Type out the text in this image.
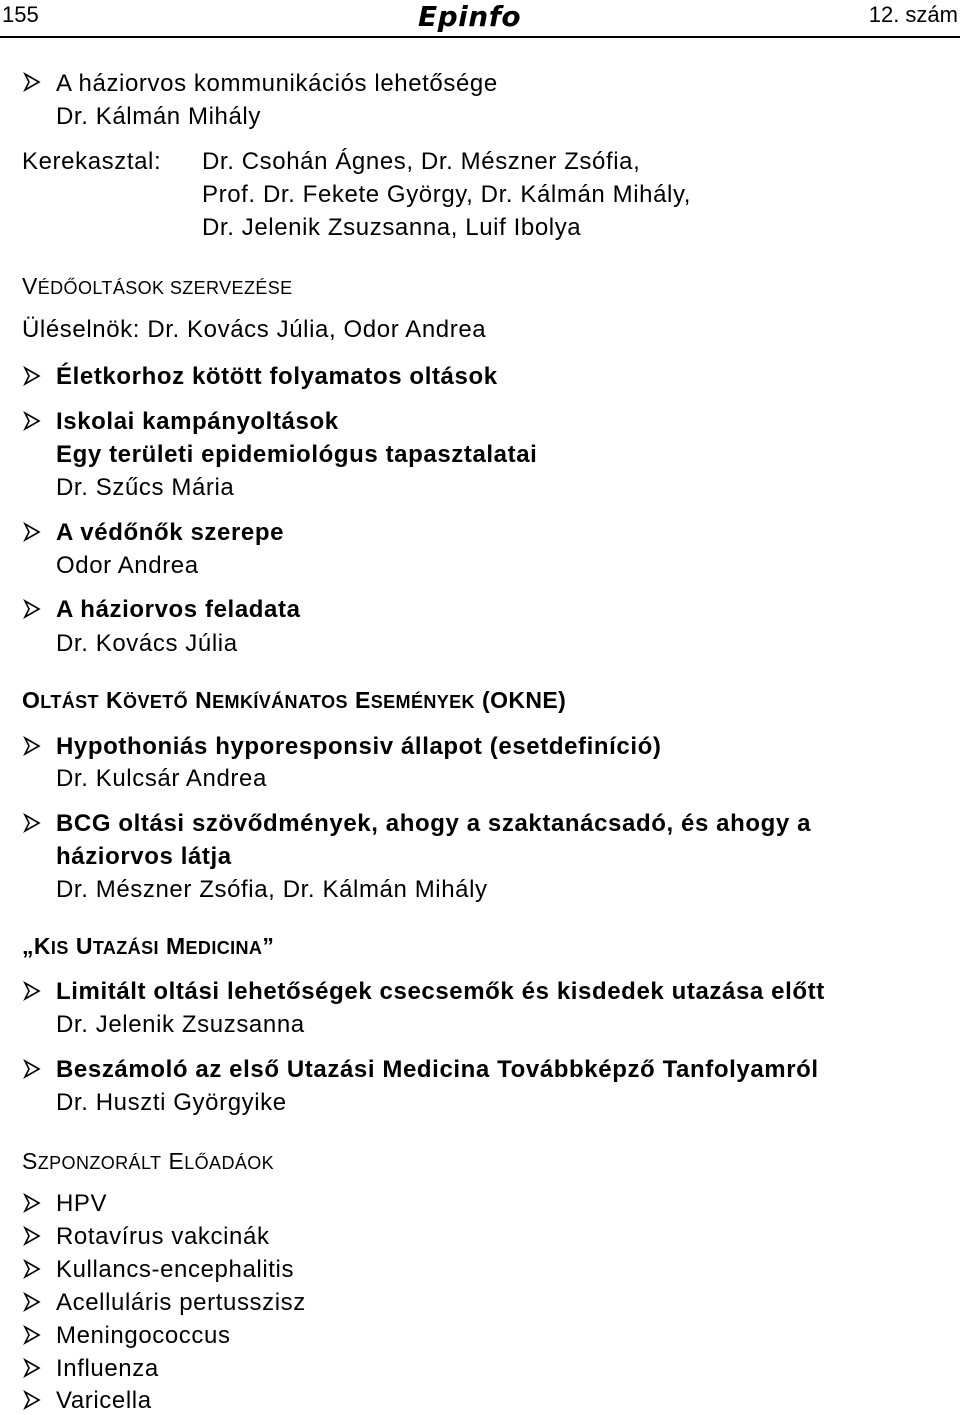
155	Epinfo	12. szám
A háziorvos kommunikációs lehetősége
Dr. Kálmán Mihály
Kerekasztal: Dr. Csohán Ágnes, Dr. Mészner Zsófia,
Prof. Dr. Fekete György, Dr. Kálmán Mihály,
Dr. Jelenik Zsuzsanna, Luif Ibolya
VÉDŐOLTÁSOK SZERVEZÉSE
Üléselnök: Dr. Kovács Júlia, Odor Andrea
Életkorhoz kötött folyamatos oltások
Iskolai kampányoltások
Egy területi epidemiológus tapasztalatai
Dr. Szűcs Mária
A védőnők szerepe
Odor Andrea
A háziorvos feladata
Dr. Kovács Júlia
OLTÁST KÖVETŐ NEMKÍVÁNATOS ESEMÉNYEK (OKNE)
Hypothoniás hyporesponsiv állapot (esetdefiníció)
Dr. Kulcsár Andrea
BCG oltási szövődmények, ahogy a szaktanácsadó, és ahogy a
háziorvos látja
Dr. Mészner Zsófia, Dr. Kálmán Mihály
„KIS UTAZÁSI MEDICINA”
Limitált oltási lehetőségek csecsemők és kisdedek utazása előtt
Dr. Jelenik Zsuzsanna
Beszámoló az első Utazási Medicina Továbbképző Tanfolyamról
Dr. Huszti Györgyike
SZPONZORÁLT ELŐADÁOK
HPV
Rotavírus vakcinák
Kullancs-encephalitis
Acelluláris pertusszisz
Meningococcus
Influenza
Varicella
